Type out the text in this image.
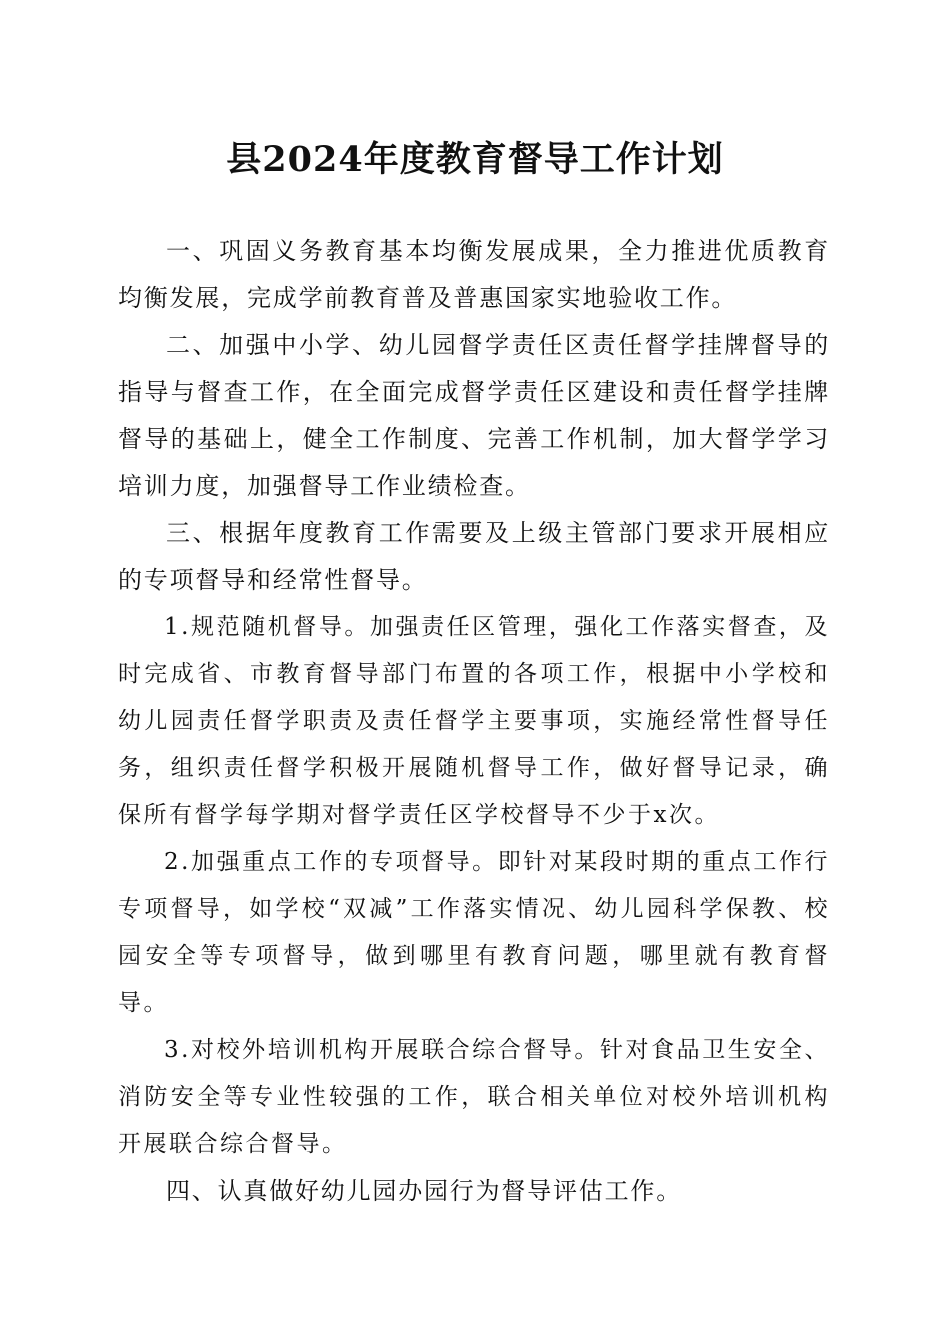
县2024年度教育督导工作计划

一、巩固义务教育基本均衡发展成果，全力推进优质教育均衡发展，完成学前教育普及普惠国家实地验收工作。

二、加强中小学、幼儿园督学责任区责任督学挂牌督导的指导与督查工作，在全面完成督学责任区建设和责任督学挂牌督导的基础上，健全工作制度、完善工作机制，加大督学学习培训力度，加强督导工作业绩检查。

三、根据年度教育工作需要及上级主管部门要求开展相应的专项督导和经常性督导。

1.规范随机督导。加强责任区管理，强化工作落实督查，及时完成省、市教育督导部门布置的各项工作，根据中小学校和幼儿园责任督学职责及责任督学主要事项，实施经常性督导任务，组织责任督学积极开展随机督导工作，做好督导记录，确保所有督学每学期对督学责任区学校督导不少于x次。

2.加强重点工作的专项督导。即针对某段时期的重点工作行专项督导，如学校“双减”工作落实情况、幼儿园科学保教、校园安全等专项督导，做到哪里有教育问题，哪里就有教育督导。

3.对校外培训机构开展联合综合督导。针对食品卫生安全、消防安全等专业性较强的工作，联合相关单位对校外培训机构开展联合综合督导。

四、认真做好幼儿园办园行为督导评估工作。
